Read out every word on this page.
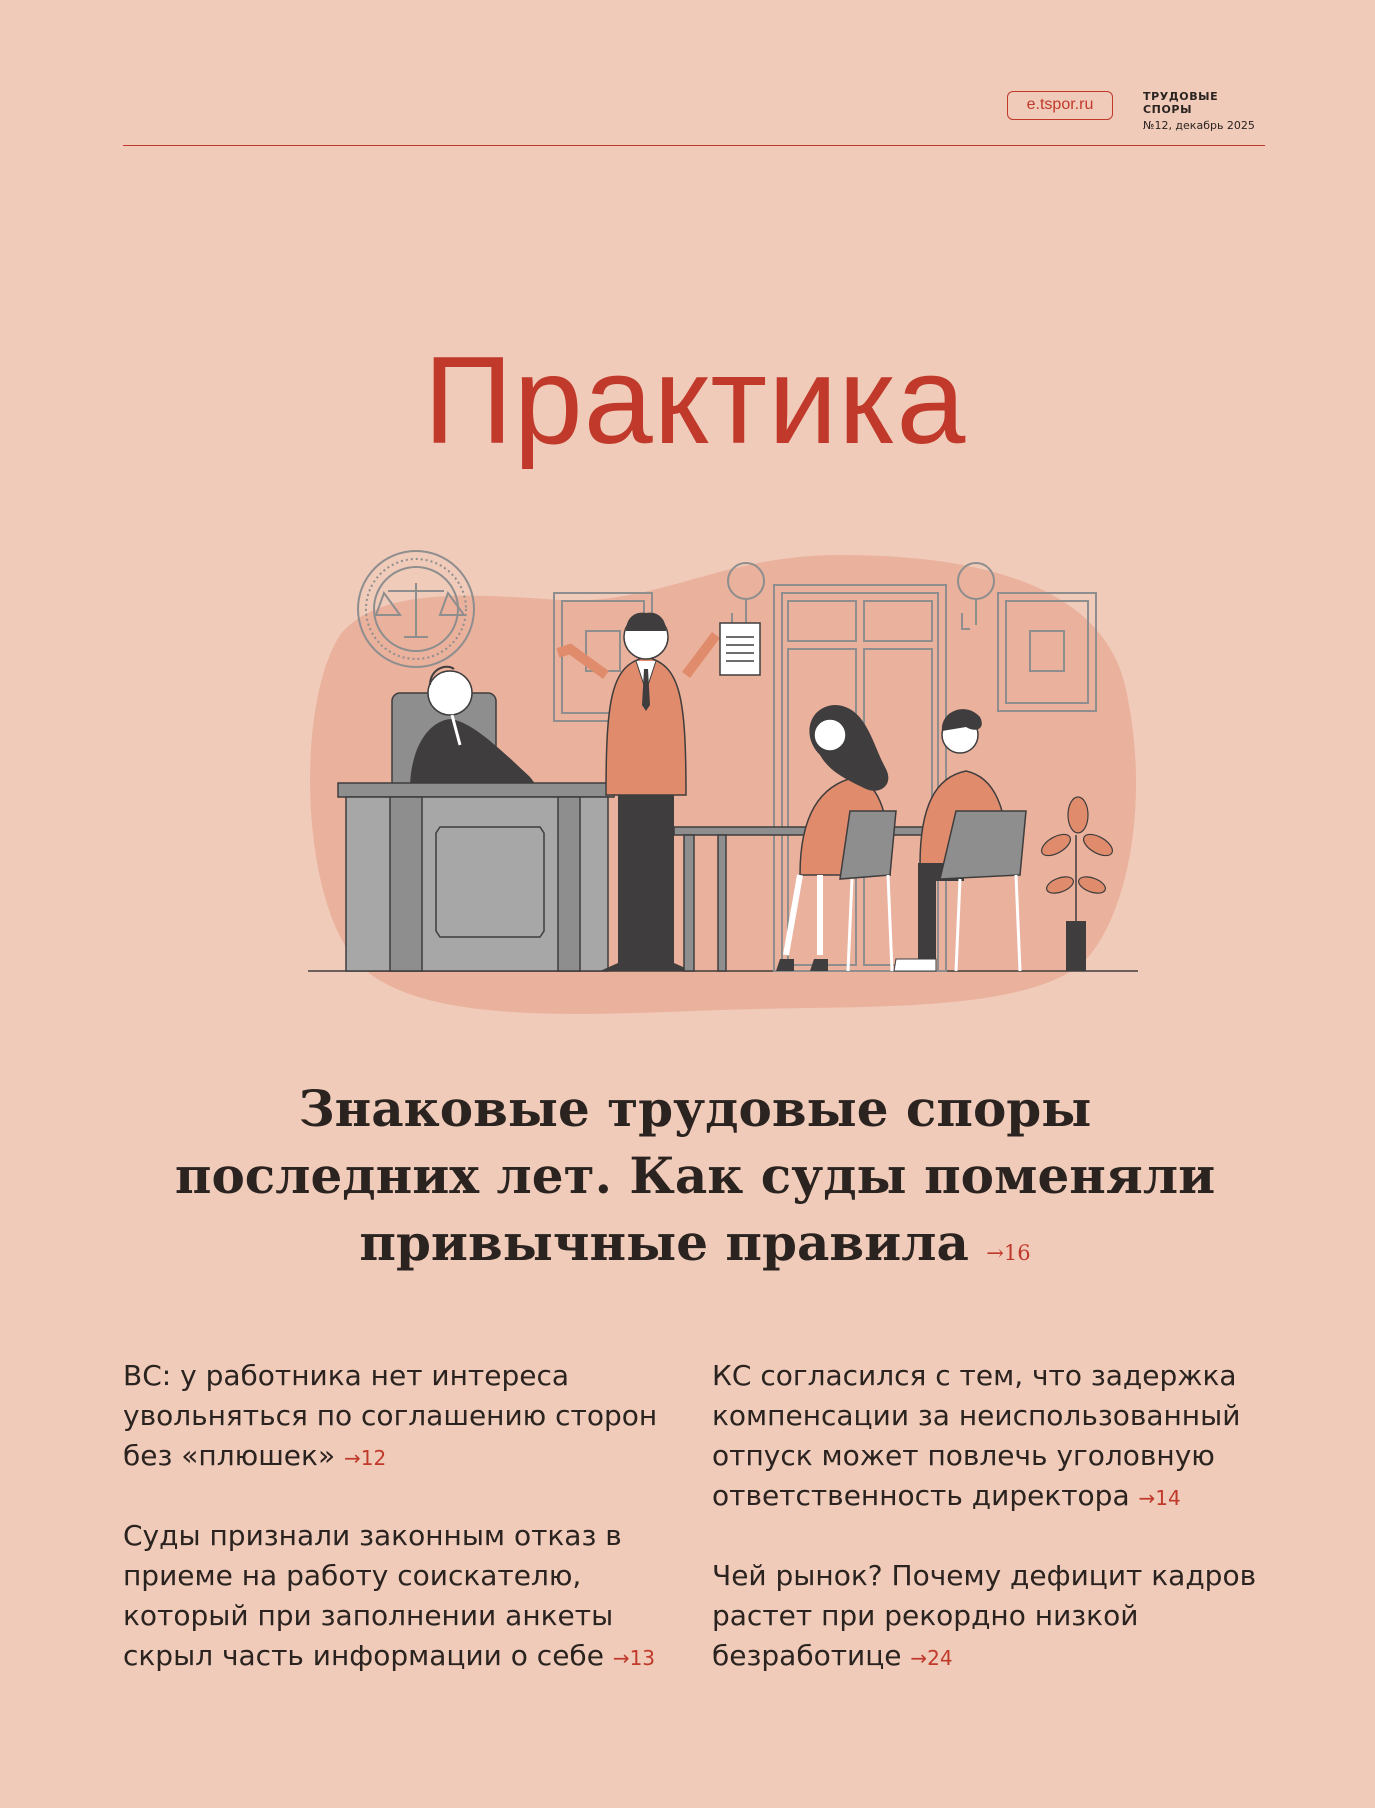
e.tspor.ru	ТРУДОВЫЕ СПОРЫ
№12, декабрь 2025
Практика
Знаковые трудовые споры последних лет. Как суды поменяли привычные правила →16
ВС: у работника нет интереса увольняться по соглашению сторон без «плюшек» →12
Суды признали законным отказ в приеме на работу соискателю, который при заполнении анкеты скрыл часть информации о себе →13
КС согласился с тем, что задержка компенсации за неиспользованный отпуск может повлечь уголовную ответственность директора →14
Чей рынок? Почему дефицит кадров растет при рекордно низкой безработице →24
